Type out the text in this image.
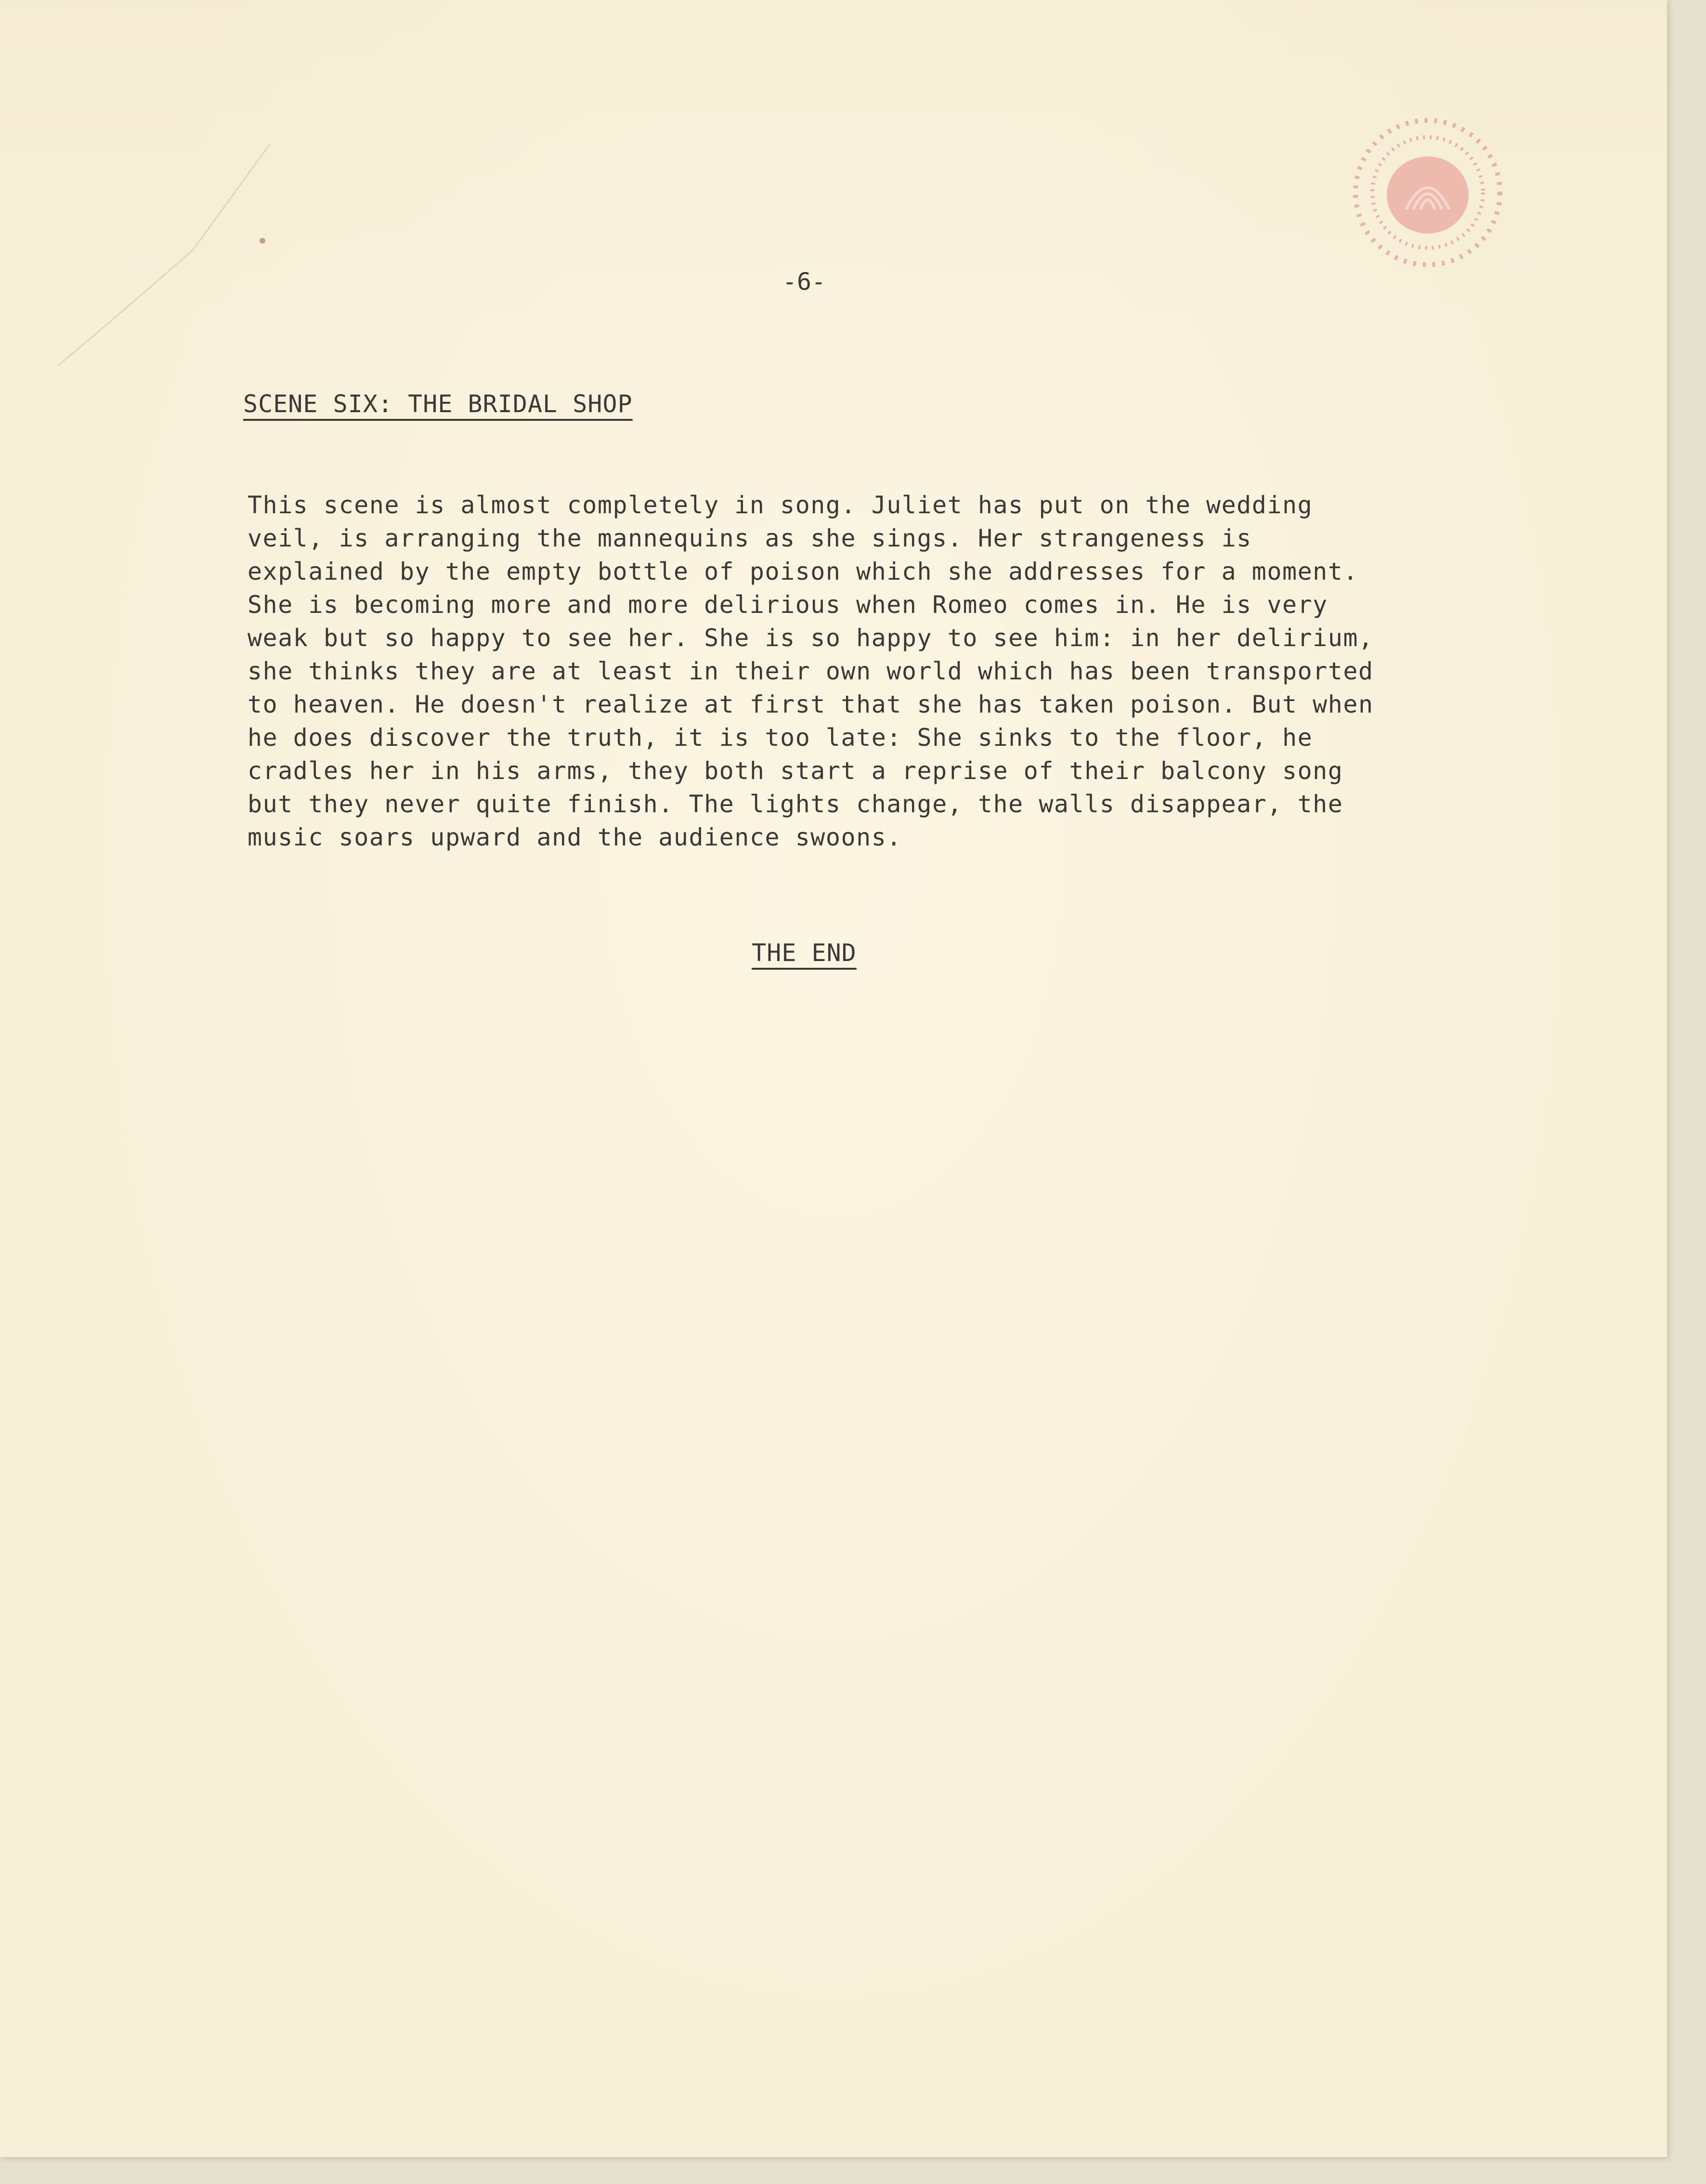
-6-
SCENE SIX: THE BRIDAL SHOP
This scene is almost completely in song. Juliet has put on the wedding
veil, is arranging the mannequins as she sings. Her strangeness is
explained by the empty bottle of poison which she addresses for a moment.
She is becoming more and more delirious when Romeo comes in. He is very
weak but so happy to see her. She is so happy to see him: in her delirium,
she thinks they are at least in their own world which has been transported
to heaven. He doesn't realize at first that she has taken poison. But when
he does discover the truth, it is too late: She sinks to the floor, he
cradles her in his arms, they both start a reprise of their balcony song
but they never quite finish. The lights change, the walls disappear, the
music soars upward and the audience swoons.
THE END
